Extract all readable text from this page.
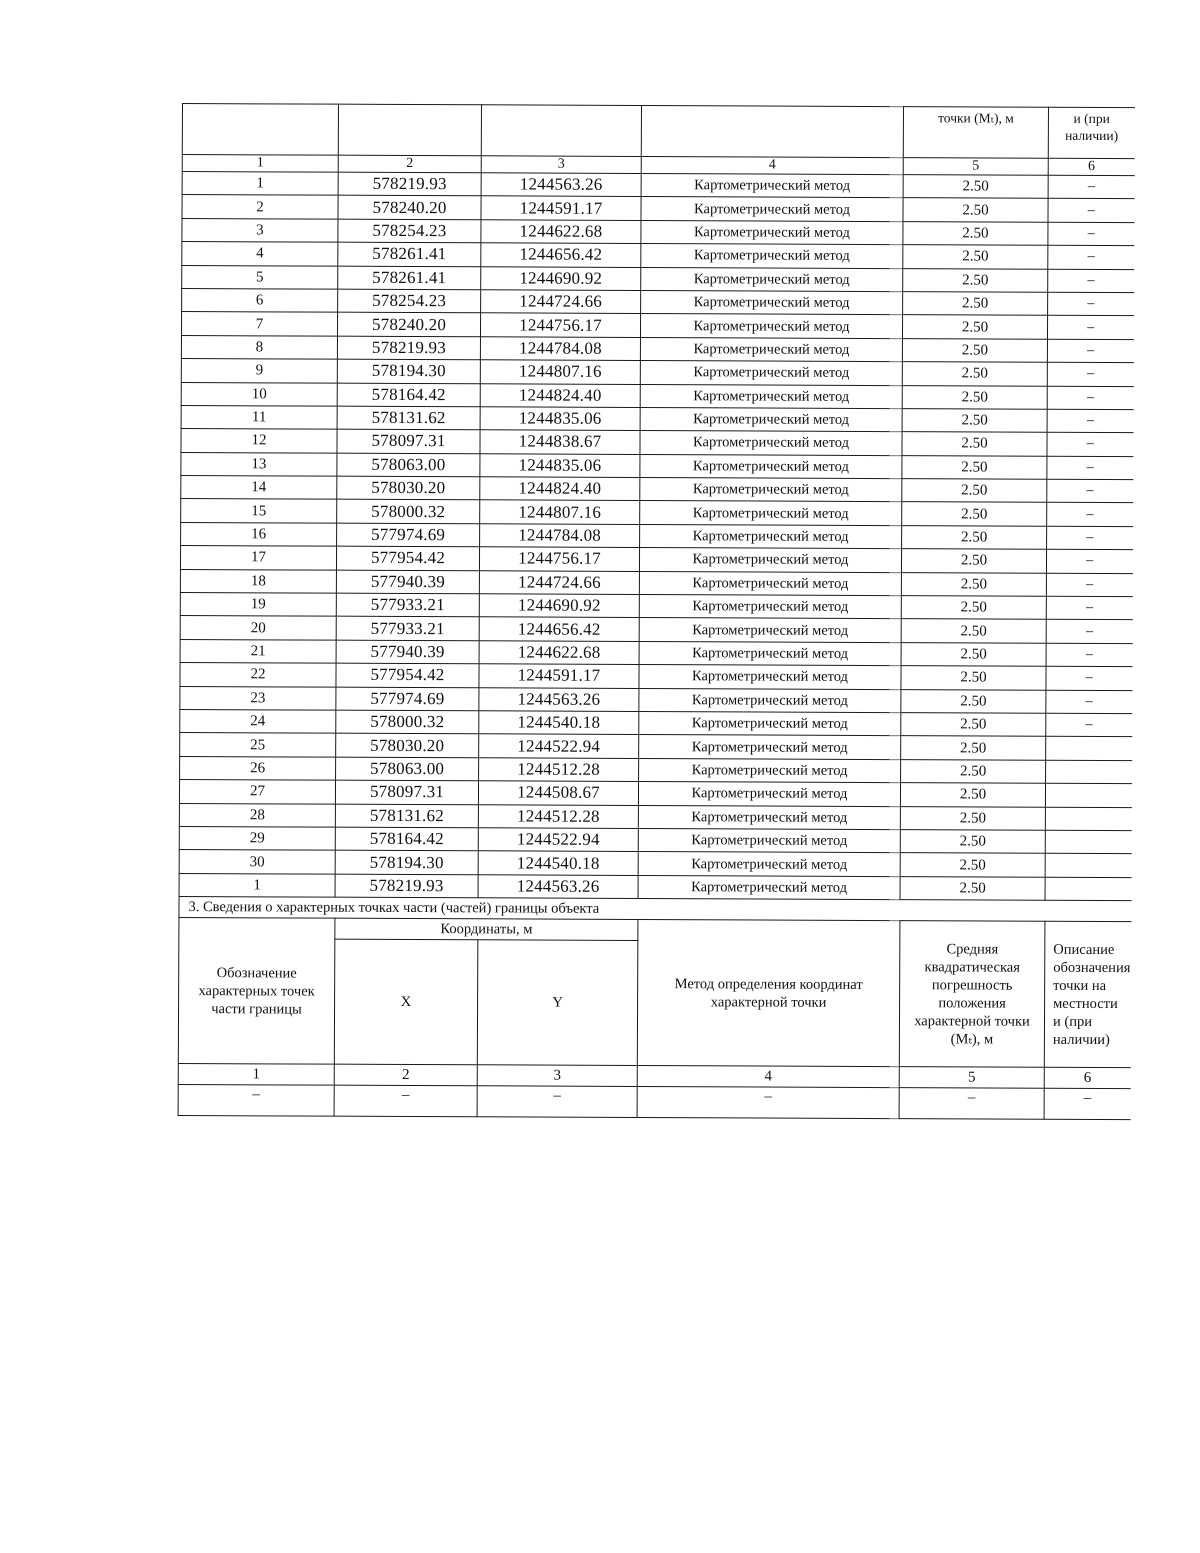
				точки (Мₜ), м	и (при наличии)
1	2	3	4	5	6
1	578219.93	1244563.26	Картометрический метод	2.50	–
2	578240.20	1244591.17	Картометрический метод	2.50	–
3	578254.23	1244622.68	Картометрический метод	2.50	–
4	578261.41	1244656.42	Картометрический метод	2.50	–
5	578261.41	1244690.92	Картометрический метод	2.50	–
6	578254.23	1244724.66	Картометрический метод	2.50	–
7	578240.20	1244756.17	Картометрический метод	2.50	–
8	578219.93	1244784.08	Картометрический метод	2.50	–
9	578194.30	1244807.16	Картометрический метод	2.50	–
10	578164.42	1244824.40	Картометрический метод	2.50	–
11	578131.62	1244835.06	Картометрический метод	2.50	–
12	578097.31	1244838.67	Картометрический метод	2.50	–
13	578063.00	1244835.06	Картометрический метод	2.50	–
14	578030.20	1244824.40	Картометрический метод	2.50	–
15	578000.32	1244807.16	Картометрический метод	2.50	–
16	577974.69	1244784.08	Картометрический метод	2.50	–
17	577954.42	1244756.17	Картометрический метод	2.50	–
18	577940.39	1244724.66	Картометрический метод	2.50	–
19	577933.21	1244690.92	Картометрический метод	2.50	–
20	577933.21	1244656.42	Картометрический метод	2.50	–
21	577940.39	1244622.68	Картометрический метод	2.50	–
22	577954.42	1244591.17	Картометрический метод	2.50	–
23	577974.69	1244563.26	Картометрический метод	2.50	–
24	578000.32	1244540.18	Картометрический метод	2.50	–
25	578030.20	1244522.94	Картометрический метод	2.50	
26	578063.00	1244512.28	Картометрический метод	2.50	
27	578097.31	1244508.67	Картометрический метод	2.50	
28	578131.62	1244512.28	Картометрический метод	2.50	
29	578164.42	1244522.94	Картометрический метод	2.50	
30	578194.30	1244540.18	Картометрический метод	2.50	
1	578219.93	1244563.26	Картометрический метод	2.50	
3. Сведения о характерных точках части (частей) границы объекта
Обозначение характерных точек части границы	Координаты, м		Метод определения координат характерной точки	Средняя квадратическая погрешность положения характерной точки (Мₜ), м	Описание обозначения точки на местности и (при наличии)
	X	Y			
1	2	3	4	5	6
–	–	–	–	–	–
